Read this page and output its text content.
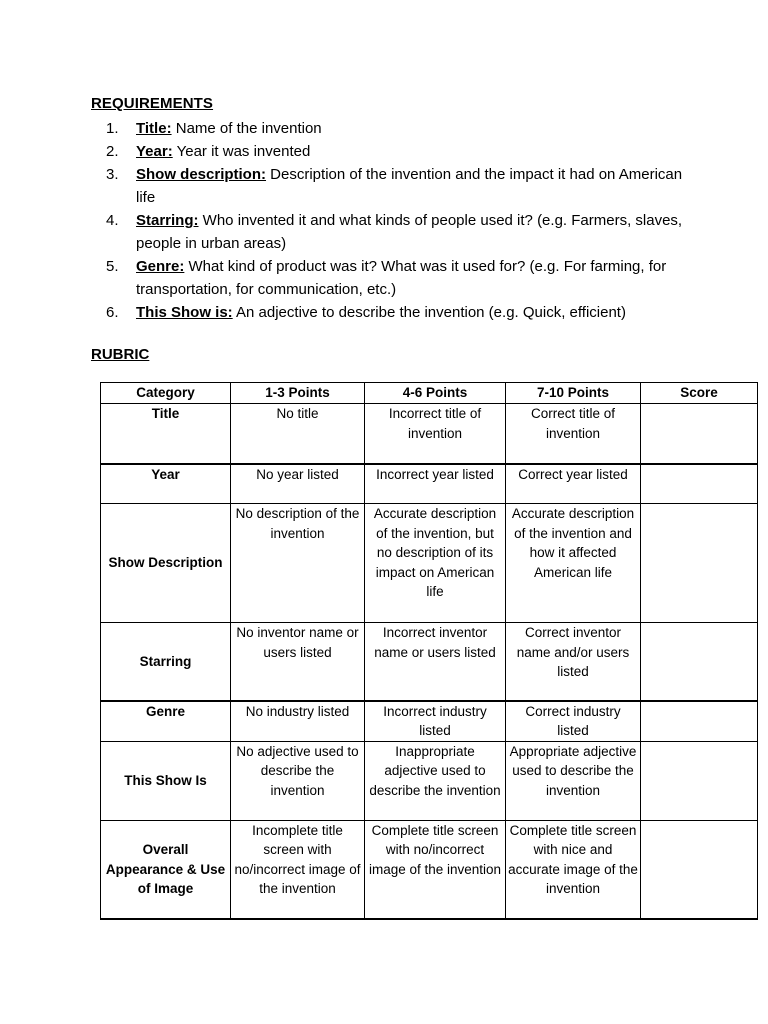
REQUIREMENTS
1.	Title: Name of the invention
2.	Year: Year it was invented
3.	Show description: Description of the invention and the impact it had on American life
4.	Starring: Who invented it and what kinds of people used it? (e.g. Farmers, slaves, people in urban areas)
5.	Genre: What kind of product was it? What was it used for? (e.g. For farming, for transportation, for communication, etc.)
6.	This Show is: An adjective to describe the invention (e.g. Quick, efficient)
RUBRIC
Category	1-3 Points	4-6 Points	7-10 Points	Score
Title	No title	Incorrect title of invention	Correct title of invention	
Year	No year listed	Incorrect year listed	Correct year listed	
Show Description	No description of the invention	Accurate description of the invention, but no description of its impact on American life	Accurate description of the invention and how it affected American life	
Starring	No inventor name or users listed	Incorrect inventor name or users listed	Correct inventor name and/or users listed	
Genre	No industry listed	Incorrect industry listed	Correct industry listed	
This Show Is	No adjective used to describe the invention	Inappropriate adjective used to describe the invention	Appropriate adjective used to describe the invention	
Overall Appearance & Use of Image	Incomplete title screen with no/incorrect image of the invention	Complete title screen with no/incorrect image of the invention	Complete title screen with nice and accurate image of the invention	
